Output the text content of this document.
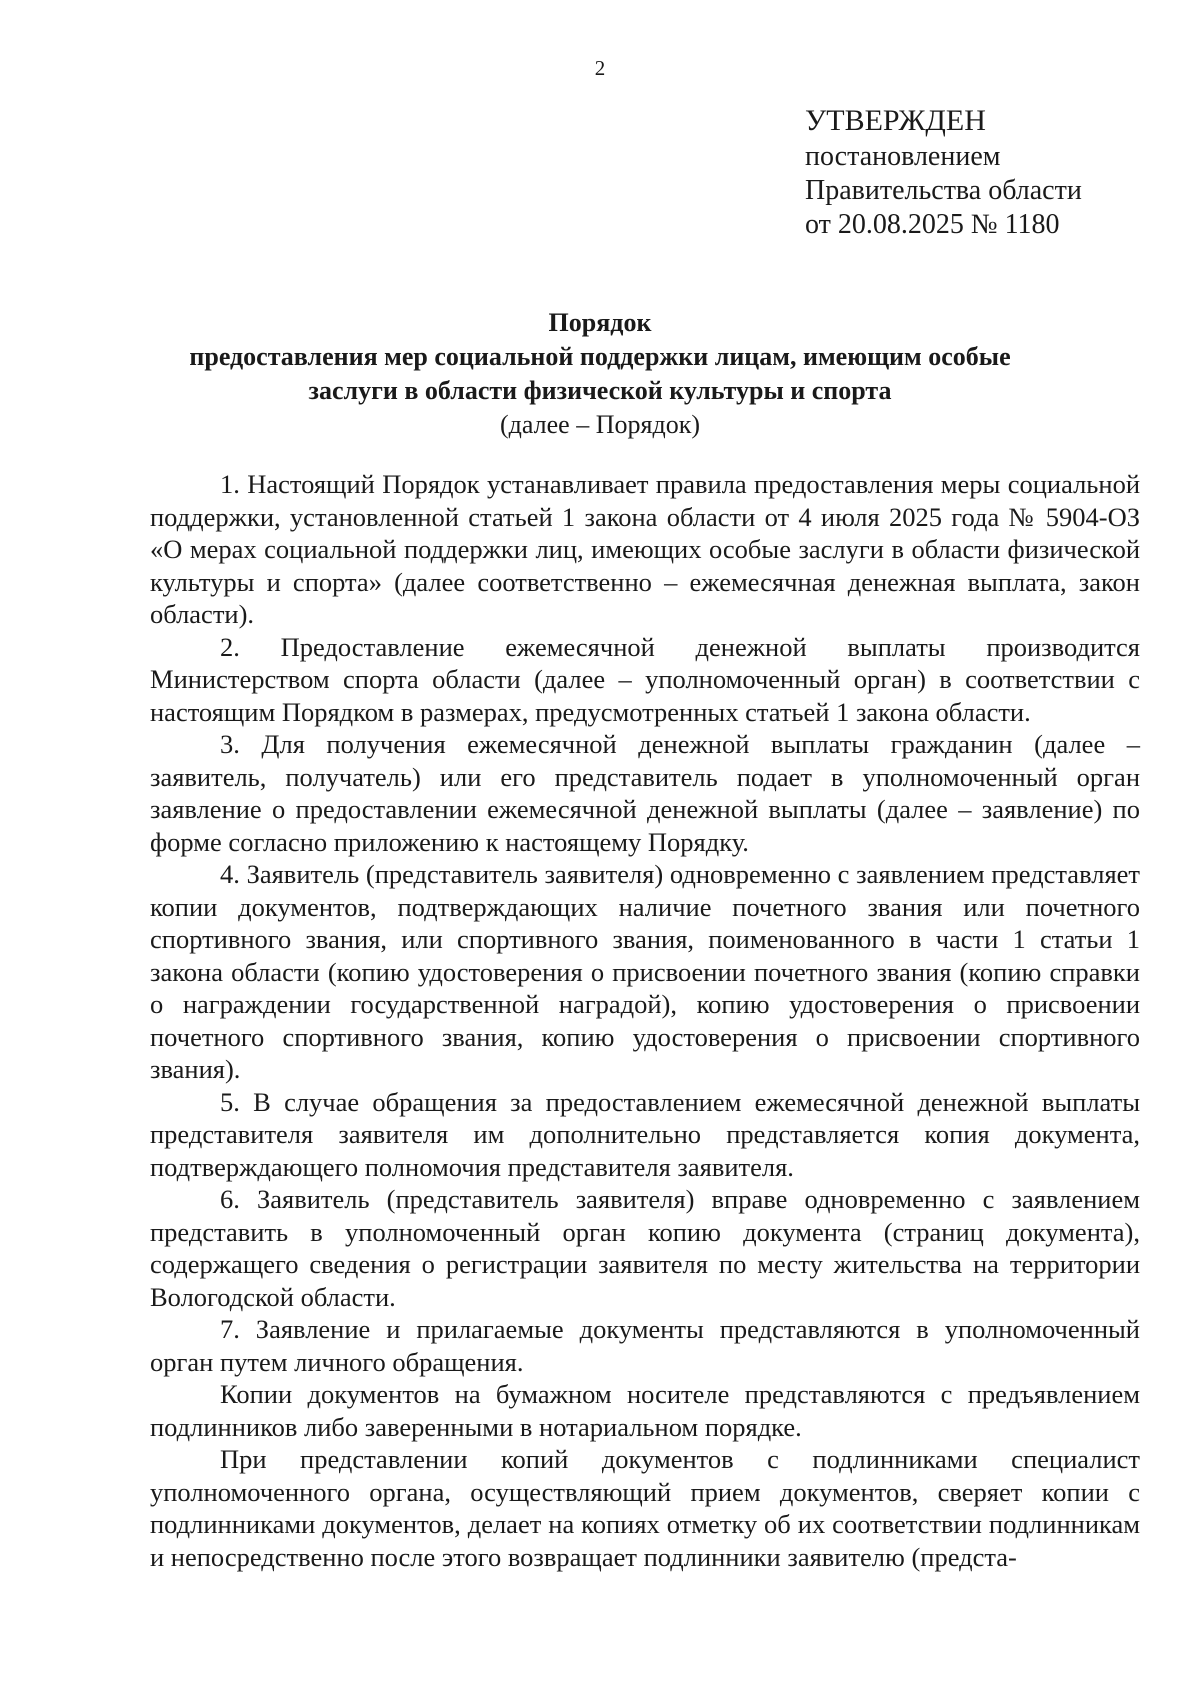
2
УТВЕРЖДЕН
постановлением
Правительства области
от 20.08.2025 № 1180
Порядок
предоставления мер социальной поддержки лицам, имеющим особые
заслуги в области физической культуры и спорта
(далее – Порядок)

1. Настоящий Порядок устанавливает правила предоставления меры социальной поддержки, установленной статьей 1 закона области от 4 июля 2025 года № 5904-ОЗ «О мерах социальной поддержки лиц, имеющих особые заслуги в области физической культуры и спорта» (далее соответственно – ежемесячная денежная выплата, закон области).

2. Предоставление ежемесячной денежной выплаты производится Министерством спорта области (далее – уполномоченный орган) в соответствии с настоящим Порядком в размерах, предусмотренных статьей 1 закона области.

3. Для получения ежемесячной денежной выплаты гражданин (далее – заявитель, получатель) или его представитель подает в уполномоченный орган заявление о предоставлении ежемесячной денежной выплаты (далее – заявление) по форме согласно приложению к настоящему Порядку.

4. Заявитель (представитель заявителя) одновременно с заявлением представляет копии документов, подтверждающих наличие почетного звания или почетного спортивного звания, или спортивного звания, поименованного в части 1 статьи 1 закона области (копию удостоверения о присвоении почетного звания (копию справки о награждении государственной наградой), копию удостоверения о присвоении почетного спортивного звания, копию удостоверения о присвоении спортивного звания).

5. В случае обращения за предоставлением ежемесячной денежной выплаты представителя заявителя им дополнительно представляется копия документа, подтверждающего полномочия представителя заявителя.

6. Заявитель (представитель заявителя) вправе одновременно с заявлением представить в уполномоченный орган копию документа (страниц документа), содержащего сведения о регистрации заявителя по месту жительства на территории Вологодской области.

7. Заявление и прилагаемые документы представляются в уполномоченный орган путем личного обращения.

Копии документов на бумажном носителе представляются с предъявлением подлинников либо заверенными в нотариальном порядке.

При представлении копий документов с подлинниками специалист уполномоченного органа, осуществляющий прием документов, сверяет копии с подлинниками документов, делает на копиях отметку об их соответствии подлинникам и непосредственно после этого возвращает подлинники заявителю (предста-
